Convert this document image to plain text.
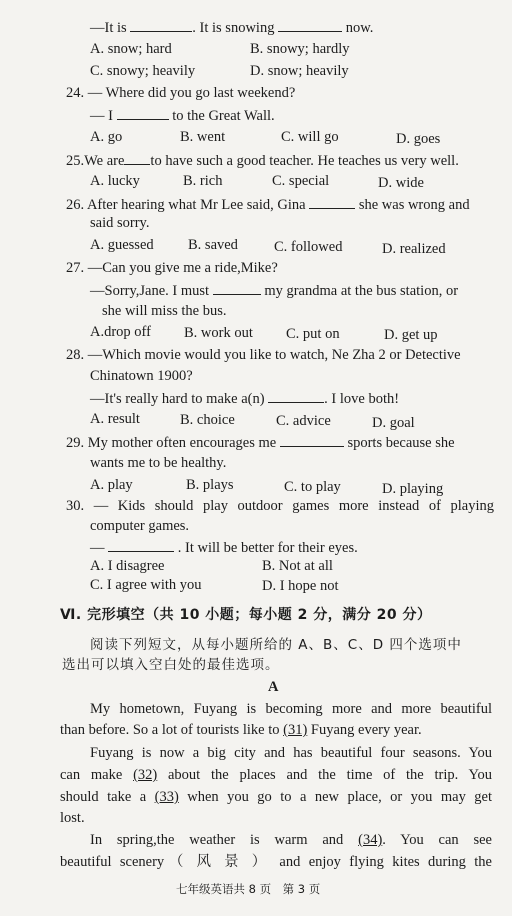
—It is	. It is snowing	now.
A. snow; hard	B. snowy; hardly
C. snowy; heavily	D. snow; heavily
24. — Where did you go last weekend?
— I	to the Great Wall.
A. go	B. went	C. will go	D. goes
25.We are to have such a good teacher. He teaches us very well.
A. lucky	B. rich	C. special	D. wide
26. After hearing what Mr Lee said, Gina	she was wrong and
said sorry.
A. guessed B. saved C. followed	D. realized
27. —Can you give me a ride,Mike?
—Sorry,Jane. I must	my grandma at the bus station, or
she will miss the bus.
A.drop off B. work out C. put on	D. get up
28. —Which movie would you like to watch, Ne Zha 2 or Detective
Chinatown 1900?
—It's really hard to make a(n)	. I love both!
A. result	B. choice	C. advice	D. goal
29. My mother often encourages me	sports because she
wants me to be healthy.
A. play	B. plays	C. to play	D. playing
30. — Kids should play outdoor games more instead of playing
computer games.
—	. It will be better for their eyes.
A. I disagree	B. Not at all
C. I agree with you	D. I hope not
Ⅵ. 完形填空（共 10 小题；每小题 2 分，满分 20 分）
阅读下列短文，从每小题所给的 A、B、C、D 四个选项中
选出可以填入空白处的最佳选项。
A
My hometown, Fuyang is becoming more and more beautiful
than before. So a lot of tourists like to (31) Fuyang every year.
Fuyang is now a big city and has beautiful four seasons. You
can make (32) about the places and the time of the trip. You
should take a (33) when you go to a new place, or you may get
lost.
In spring,the weather is warm and (34). You can see
beautiful scenery（ 风 景 ） and enjoy flying kites during the
七年级英语共 8 页　第 3 页
